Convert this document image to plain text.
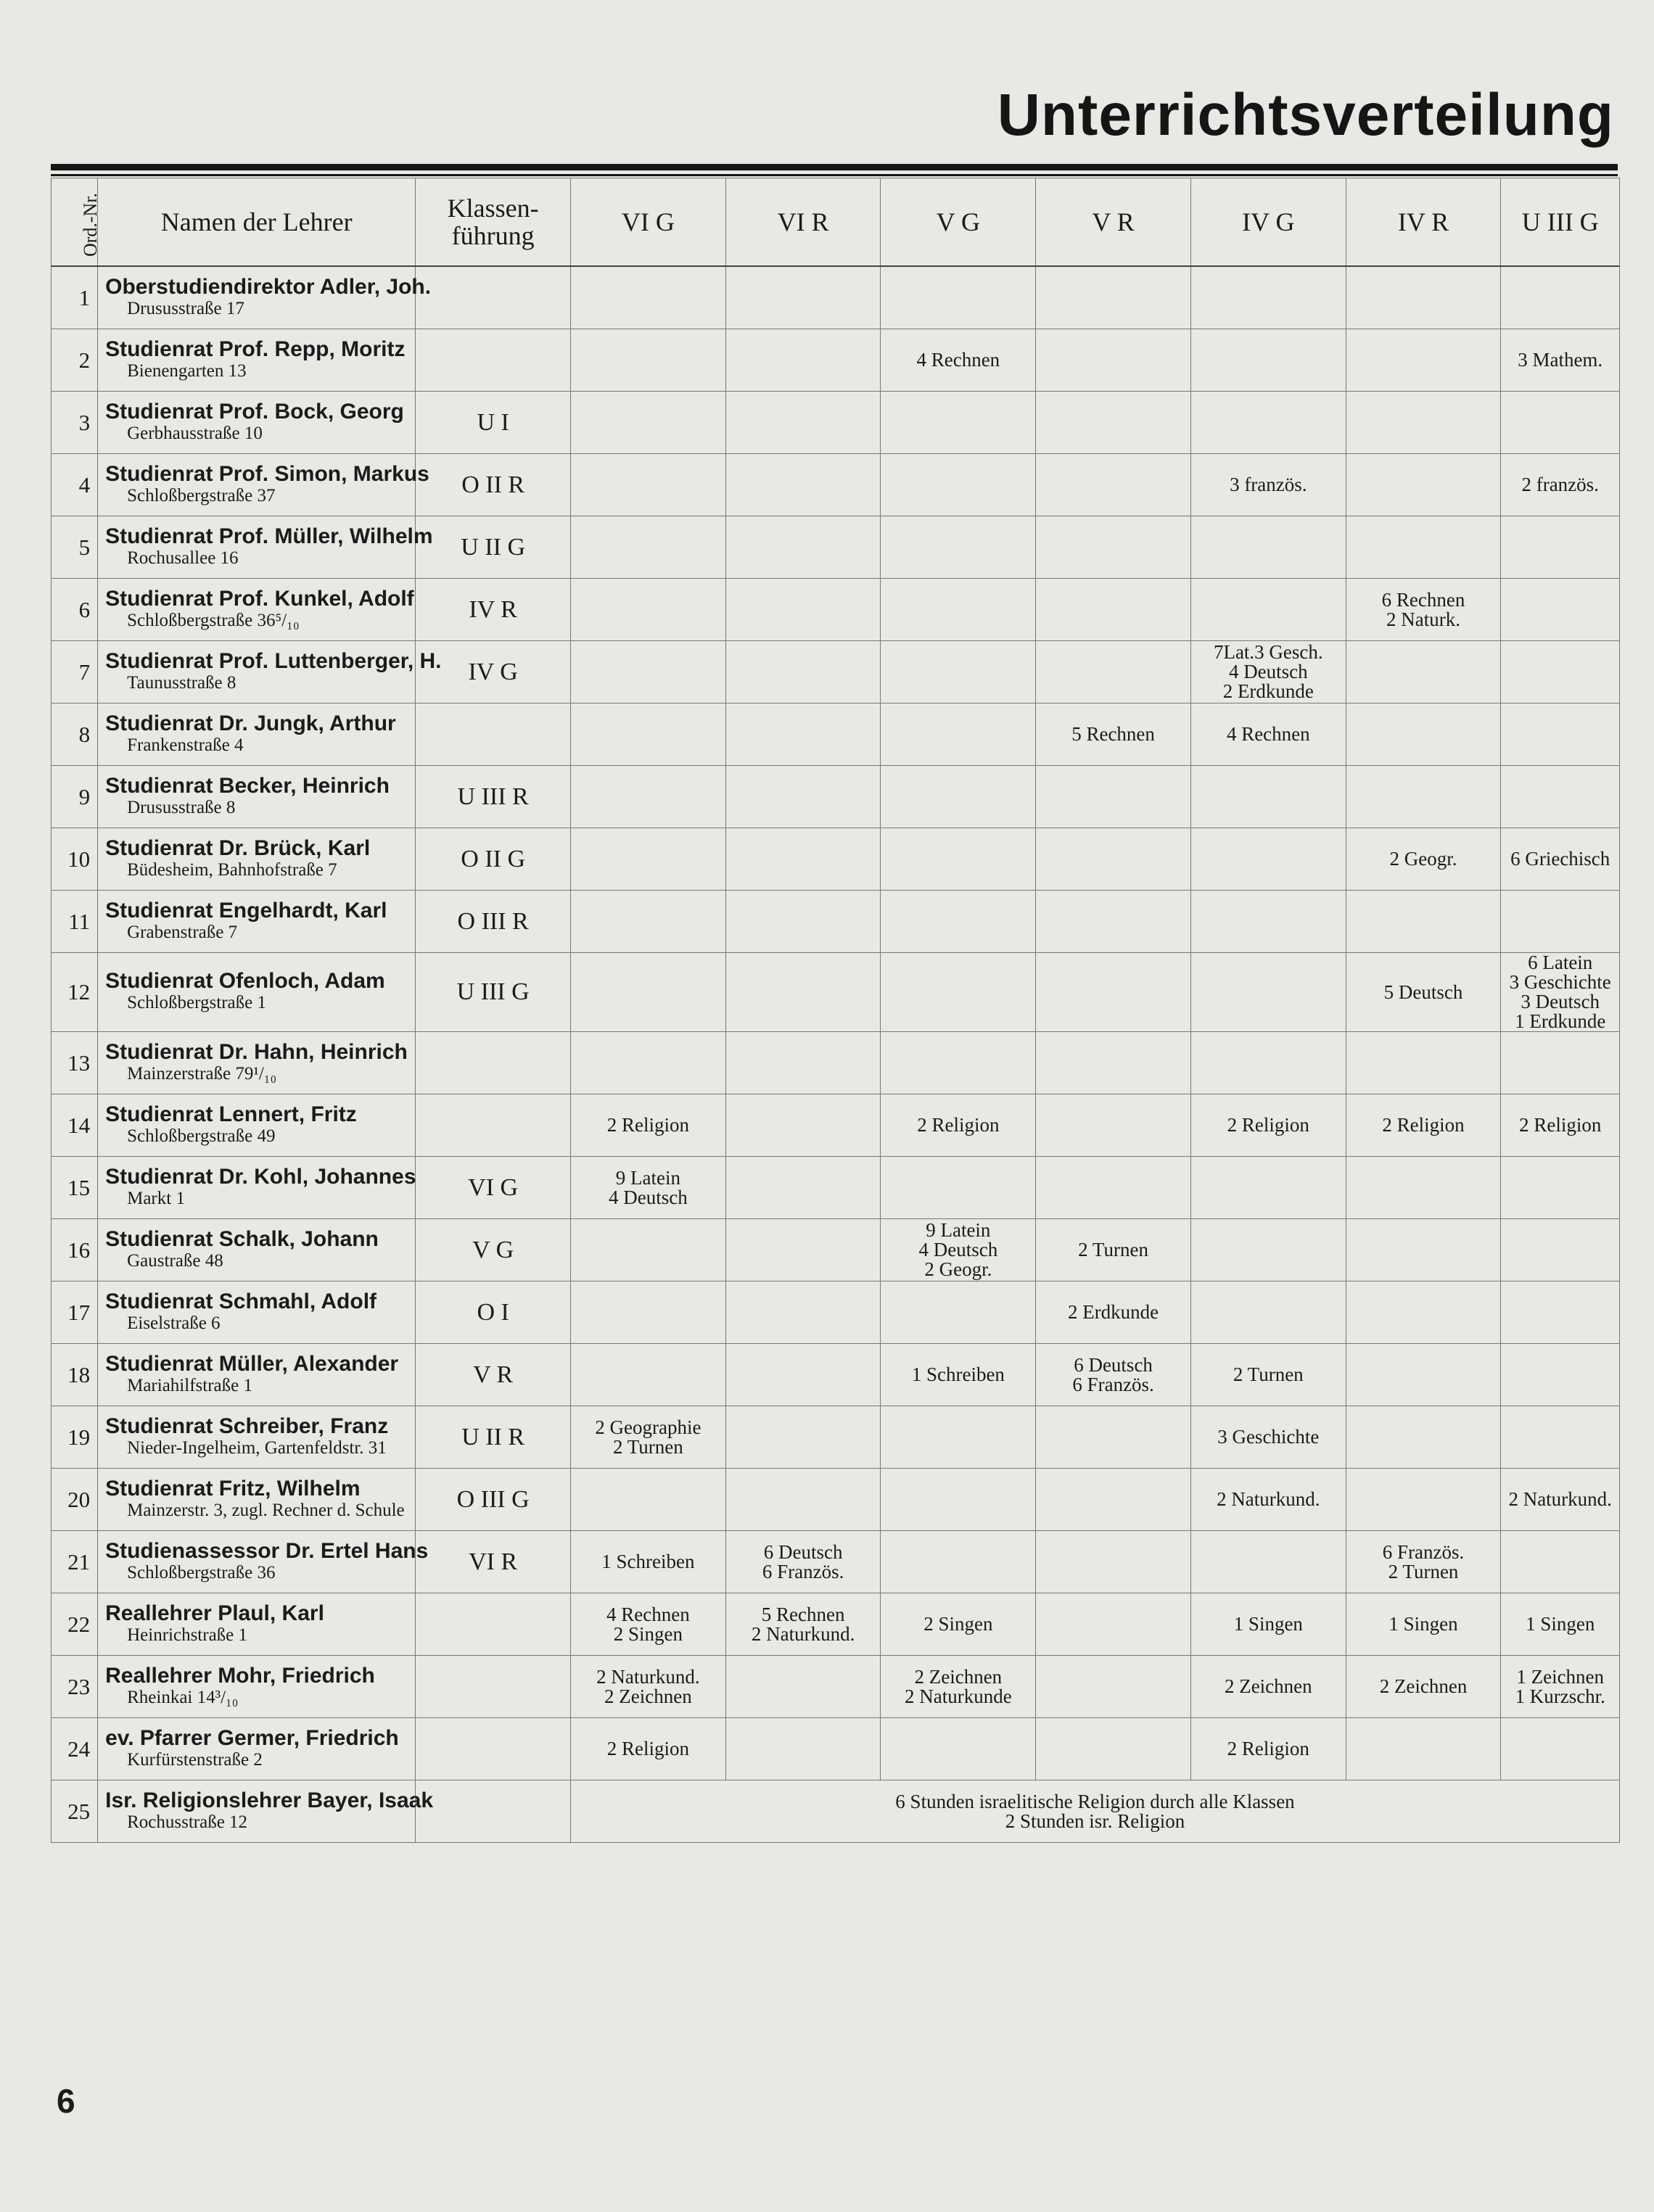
Unterrichtsverteilung
Ord.-Nr.	Namen der Lehrer	Klassen-
führung	VI G	VI R	V G	V R	IV G	IV R	U III G
1	Oberstudiendirektor Adler, Joh.
Drususstraße 17								

2	Studienrat Prof. Repp, Moritz
Bienengarten 13				4 Rechnen				3 Mathem.
3	Studienrat Prof. Bock, Georg
Gerbhausstraße 10	U I							
4	Studienrat Prof. Simon, Markus
Schloßbergstraße 37	O II R					3 französ.		2 französ.
5	Studienrat Prof. Müller, Wilhelm
Rochusallee 16	U II G							
6	Studienrat Prof. Kunkel, Adolf
Schloßbergstraße 36⁵/₁₀	IV R						6 Rechnen
2 Naturk.	
7	Studienrat Prof. Luttenberger, H.
Taunusstraße 8	IV G					7Lat.3 Gesch.
4 Deutsch
2 Erdkunde		
8	Studienrat Dr. Jungk, Arthur
Frankenstraße 4					5 Rechnen	4 Rechnen		
9	Studienrat Becker, Heinrich
Drususstraße 8	U III R							
10	Studienrat Dr. Brück, Karl
Büdesheim, Bahnhofstraße 7	O II G						2 Geogr.	6 Griechisch
11	Studienrat Engelhardt, Karl
Grabenstraße 7	O III R							
12	Studienrat Ofenloch, Adam
Schloßbergstraße 1	U III G						5 Deutsch	6 Latein
3 Geschichte
3 Deutsch
1 Erdkunde
13	Studienrat Dr. Hahn, Heinrich
Mainzerstraße 79¹/₁₀								

14	Studienrat Lennert, Fritz
Schloßbergstraße 49		2 Religion		2 Religion		2 Religion	2 Religion	2 Religion
15	Studienrat Dr. Kohl, Johannes
Markt 1	VI G	9 Latein
4 Deutsch						
16	Studienrat Schalk, Johann
Gaustraße 48	V G			9 Latein
4 Deutsch
2 Geogr.	2 Turnen			
17	Studienrat Schmahl, Adolf
Eiselstraße 6	O I				2 Erdkunde			
18	Studienrat Müller, Alexander
Mariahilfstraße 1	V R			1 Schreiben	6 Deutsch
6 Französ.	2 Turnen		
19	Studienrat Schreiber, Franz
Nieder-Ingelheim, Gartenfeldstr. 31	U II R	2 Geographie
2 Turnen				3 Geschichte		
20	Studienrat Fritz, Wilhelm
Mainzerstr. 3, zugl. Rechner d. Schule	O III G					2 Naturkund.		2 Naturkund.
21	Studienassessor Dr. Ertel Hans
Schloßbergstraße 36	VI R	1 Schreiben	6 Deutsch
6 Französ.				6 Französ.
2 Turnen	
22	Reallehrer Plaul, Karl
Heinrichstraße 1		4 Rechnen
2 Singen	5 Rechnen
2 Naturkund.	2 Singen		1 Singen	1 Singen	1 Singen
23	Reallehrer Mohr, Friedrich
Rheinkai 14³/₁₀		2 Naturkund.
2 Zeichnen		2 Zeichnen
2 Naturkunde		2 Zeichnen	2 Zeichnen	1 Zeichnen
1 Kurzschr.
24	ev. Pfarrer Germer, Friedrich
Kurfürstenstraße 2		2 Religion				2 Religion		
25	Isr. Religionslehrer Bayer, Isaak
Rochusstraße 12		6 Stunden israelitische Religion durch alle Klassen
2 Stunden isr. Religion						
6
